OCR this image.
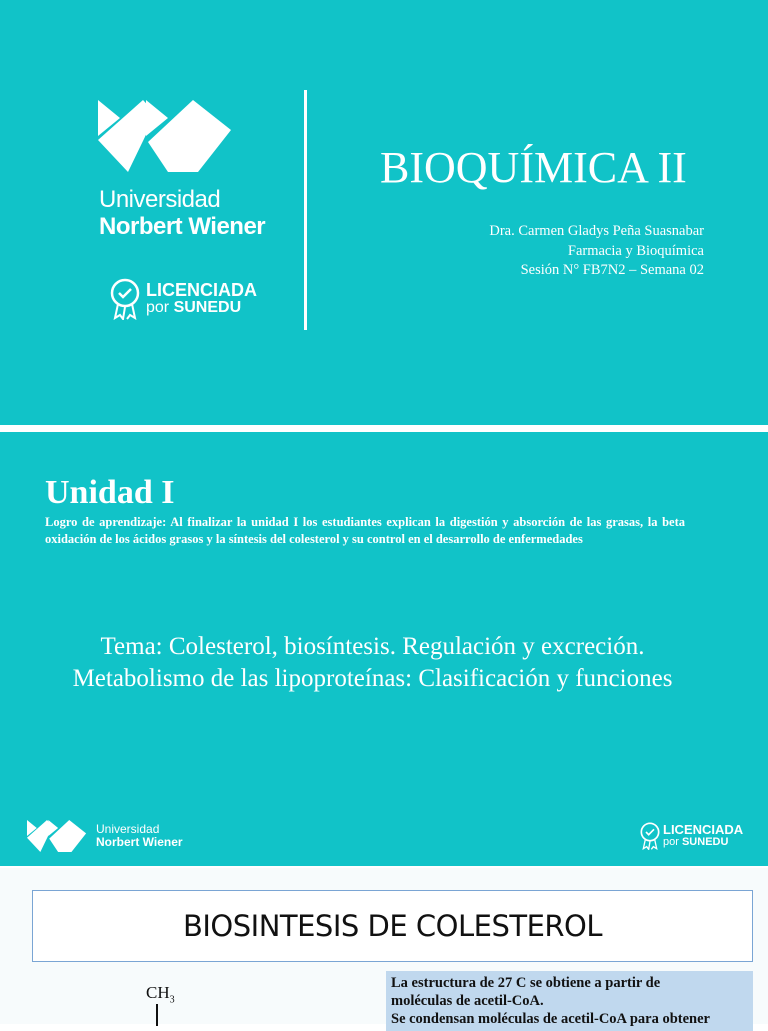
Universidad
Norbert Wiener
LICENCIADA
por SUNEDU
BIOQUÍMICA II
Dra. Carmen Gladys Peña Suasnabar
Farmacia y Bioquímica
Sesión N° FB7N2 – Semana 02
Unidad I
Logro de aprendizaje: Al finalizar la unidad I los estudiantes explican la digestión y absorción de las grasas, la beta oxidación de los ácidos grasos y la síntesis del colesterol y su control en el desarrollo de enfermedades
Tema: Colesterol, biosíntesis. Regulación y excreción.
Metabolismo de las lipoproteínas: Clasificación y funciones
Universidad
Norbert Wiener
LICENCIADA
por SUNEDU
BIOSINTESIS DE COLESTEROL
$CH_3$
La estructura de 27 C se obtiene a partir de
moléculas de acetil-CoA.
Se condensan moléculas de acetil-CoA para obtener
